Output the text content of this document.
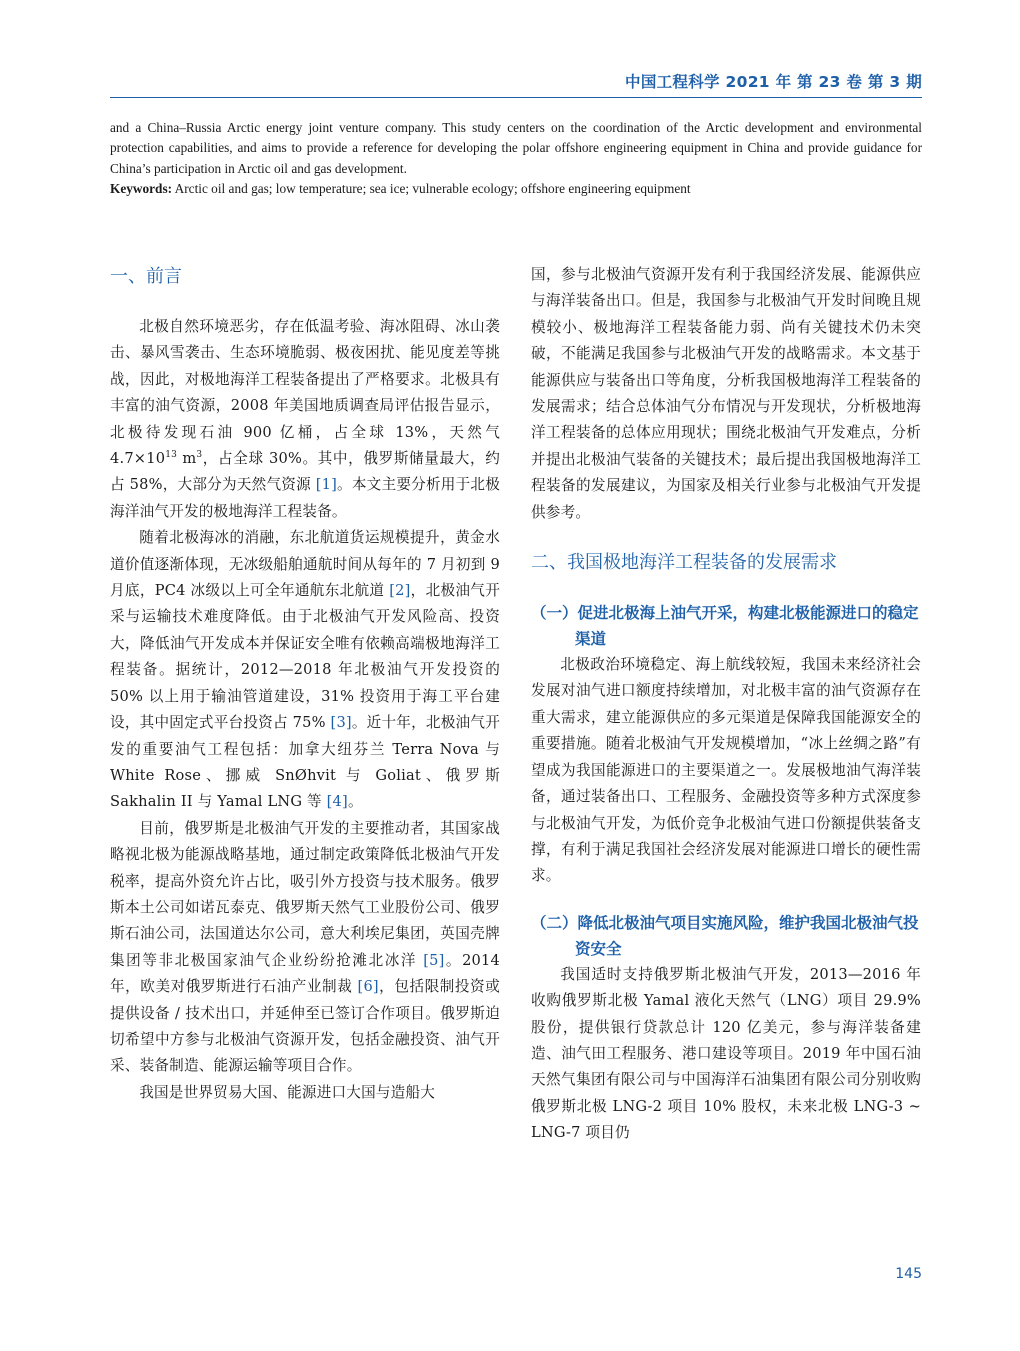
中国工程科学 2021 年 第 23 卷 第 3 期

and a China–Russia Arctic energy joint venture company. This study centers on the coordination of the Arctic development and environmental protection capabilities, and aims to provide a reference for developing the polar offshore engineering equipment in China and provide guidance for China’s participation in Arctic oil and gas development.

Keywords: Arctic oil and gas; low temperature; sea ice; vulnerable ecology; offshore engineering equipment

一、前言

北极自然环境恶劣，存在低温考验、海冰阻碍、冰山袭击、暴风雪袭击、生态环境脆弱、极夜困扰、能见度差等挑战，因此，对极地海洋工程装备提出了严格要求。北极具有丰富的油气资源，2008 年美国地质调查局评估报告显示，北极待发现石油 900 亿桶，占全球 13%，天然气 $4.7\times 10^{13}$ $m^3$，占全球 30%。其中，俄罗斯储量最大，约占 58%，大部分为天然气资源 [1]。本文主要分析用于北极海洋油气开发的极地海洋工程装备。

随着北极海冰的消融，东北航道货运规模提升，黄金水道价值逐渐体现，无冰级船舶通航时间从每年的 7 月初到 9 月底，PC4 冰级以上可全年通航东北航道 [2]，北极油气开采与运输技术难度降低。由于北极油气开发风险高、投资大，降低油气开发成本并保证安全唯有依赖高端极地海洋工程装备。据统计，2012—2018 年北极油气开发投资的 50% 以上用于输油管道建设，31% 投资用于海工平台建设，其中固定式平台投资占 75% [3]。近十年，北极油气开发的重要油气工程包括：加拿大纽芬兰 Terra Nova 与 White Rose、挪威 SnØhvit 与 Goliat、俄罗斯 Sakhalin II 与 Yamal LNG 等 [4]。

目前，俄罗斯是北极油气开发的主要推动者，其国家战略视北极为能源战略基地，通过制定政策降低北极油气开发税率，提高外资允许占比，吸引外方投资与技术服务。俄罗斯本土公司如诺瓦泰克、俄罗斯天然气工业股份公司、俄罗斯石油公司，法国道达尔公司，意大利埃尼集团，英国壳牌集团等非北极国家油气企业纷纷抢滩北冰洋 [5]。2014 年，欧美对俄罗斯进行石油产业制裁 [6]，包括限制投资或提供设备 / 技术出口，并延伸至已签订合作项目。俄罗斯迫切希望中方参与北极油气资源开发，包括金融投资、油气开采、装备制造、能源运输等项目合作。

我国是世界贸易大国、能源进口大国与造船大

国，参与北极油气资源开发有利于我国经济发展、能源供应与海洋装备出口。但是，我国参与北极油气开发时间晚且规模较小、极地海洋工程装备能力弱、尚有关键技术仍未突破，不能满足我国参与北极油气开发的战略需求。本文基于能源供应与装备出口等角度，分析我国极地海洋工程装备的发展需求；结合总体油气分布情况与开发现状，分析极地海洋工程装备的总体应用现状；围绕北极油气开发难点，分析并提出北极油气装备的关键技术；最后提出我国极地海洋工程装备的发展建议，为国家及相关行业参与北极油气开发提供参考。

二、我国极地海洋工程装备的发展需求
（一）促进北极海上油气开采，构建北极能源进口的稳定渠道

北极政治环境稳定、海上航线较短，我国未来经济社会发展对油气进口额度持续增加，对北极丰富的油气资源存在重大需求，建立能源供应的多元渠道是保障我国能源安全的重要措施。随着北极油气开发规模增加，“冰上丝绸之路”有望成为我国能源进口的主要渠道之一。发展极地油气海洋装备，通过装备出口、工程服务、金融投资等多种方式深度参与北极油气开发，为低价竞争北极油气进口份额提供装备支撑，有利于满足我国社会经济发展对能源进口增长的硬性需求。

（二）降低北极油气项目实施风险，维护我国北极油气投资安全

我国适时支持俄罗斯北极油气开发，2013—2016 年收购俄罗斯北极 Yamal 液化天然气（LNG）项目 29.9% 股份，提供银行贷款总计 120 亿美元，参与海洋装备建造、油气田工程服务、港口建设等项目。2019 年中国石油天然气集团有限公司与中国海洋石油集团有限公司分别收购俄罗斯北极 LNG-2 项目 10% 股权，未来北极 LNG-3 ~ LNG-7 项目仍

145
